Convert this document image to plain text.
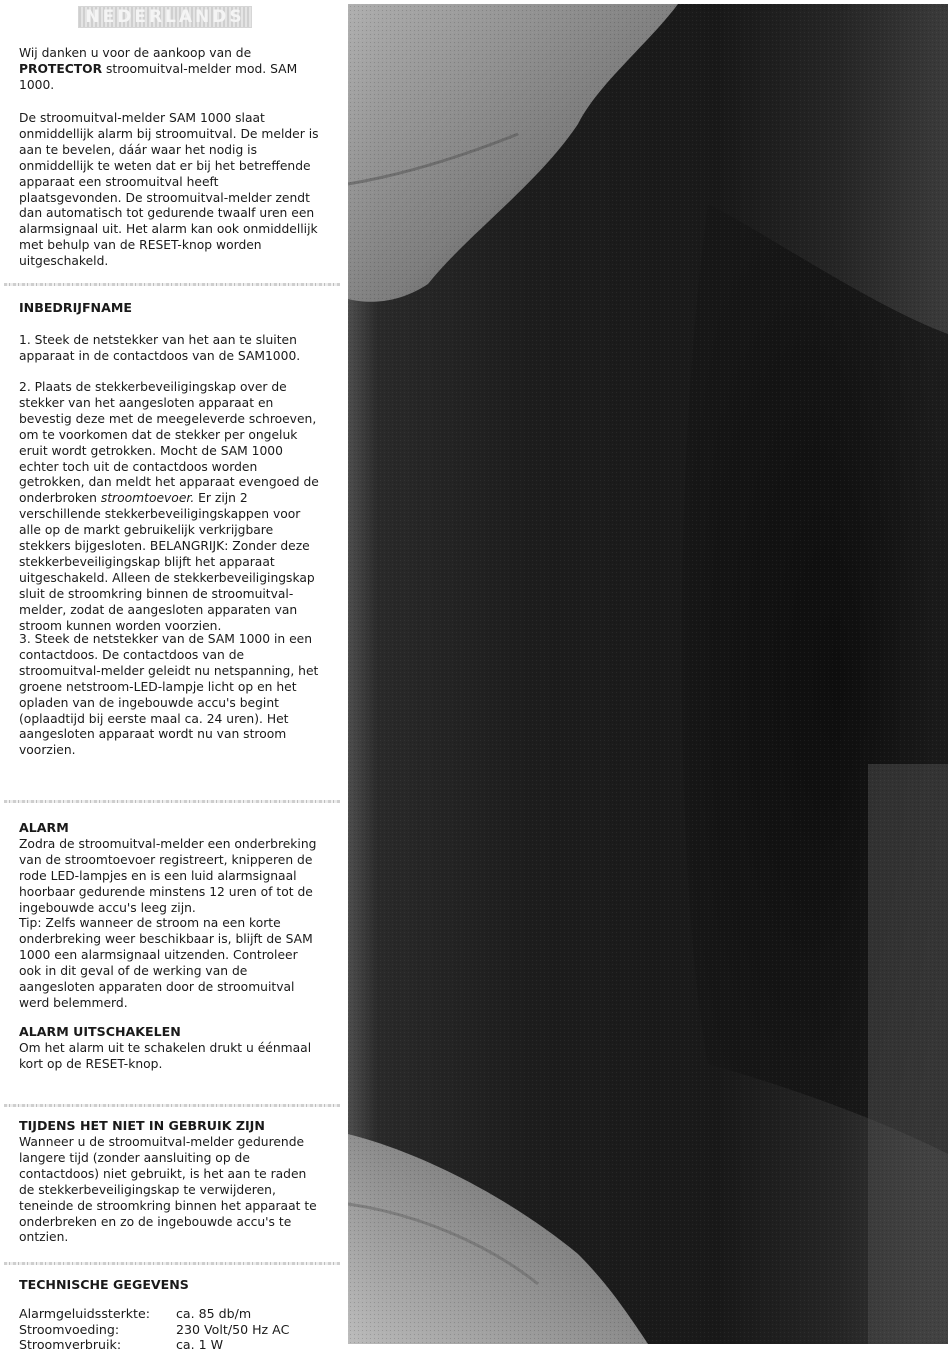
NEDERLANDS

Wij danken u voor de aankoop van de PROTECTOR stroomuitval-melder mod. SAM 1000.

De stroomuitval-melder SAM 1000 slaat onmiddellijk alarm bij stroomuitval. De melder is aan te bevelen, dáár waar het nodig is onmiddellijk te weten dat er bij het betreffende apparaat een stroomuitval heeft plaatsgevonden. De stroomuitval-melder zendt dan automatisch tot gedurende twaalf uren een alarmsignaal uit. Het alarm kan ook onmiddellijk met behulp van de RESET-knop worden uitgeschakeld.

INBEDRIJFNAME

1. Steek de netstekker van het aan te sluiten apparaat in de contactdoos van de SAM1000.

2. Plaats de stekkerbeveiligingskap over de stekker van het aangesloten apparaat en bevestig deze met de meegeleverde schroeven, om te voorkomen dat de stekker per ongeluk eruit wordt getrokken. Mocht de SAM 1000 echter toch uit de contactdoos worden getrokken, dan meldt het apparaat evengoed de onderbroken stroomtoevoer. Er zijn 2 verschillende stekkerbeveiligingskappen voor alle op de markt gebruikelijk verkrijgbare stekkers bijgesloten. BELANGRIJK: Zonder deze stekkerbeveiligingskap blijft het apparaat uitgeschakeld. Alleen de stekkerbeveiligingskap sluit de stroomkring binnen de stroomuitval-melder, zodat de aangesloten apparaten van stroom kunnen worden voorzien.

3. Steek de netstekker van de SAM 1000 in een contactdoos. De contactdoos van de stroomuitval-melder geleidt nu netspanning, het groene netstroom-LED-lampje licht op en het opladen van de ingebouwde accu's begint (oplaadtijd bij eerste maal ca. 24 uren). Het aangesloten apparaat wordt nu van stroom voorzien.

ALARM

Zodra de stroomuitval-melder een onderbreking van de stroomtoevoer registreert, knipperen de rode LED-lampjes en is een luid alarmsignaal hoorbaar gedurende minstens 12 uren of tot de ingebouwde accu's leeg zijn.

Tip: Zelfs wanneer de stroom na een korte onderbreking weer beschikbaar is, blijft de SAM 1000 een alarmsignaal uitzenden. Controleer ook in dit geval of de werking van de aangesloten apparaten door de stroomuitval werd belemmerd.

ALARM UITSCHAKELEN

Om het alarm uit te schakelen drukt u éénmaal kort op de RESET-knop.

TIJDENS HET NIET IN GEBRUIK ZIJN

Wanneer u de stroomuitval-melder gedurende langere tijd (zonder aansluiting op de contactdoos) niet gebruikt, is het aan te raden de stekkerbeveiligingskap te verwijderen, teneinde de stroomkring binnen het apparaat te onderbreken en zo de ingebouwde accu's te ontzien.

TECHNISCHE GEGEVENS
Alarmgeluidssterkte:	ca. 85 db/m
Stroomvoeding:	230 Volt/50 Hz AC
Stroomverbruik:	ca. 1 W
